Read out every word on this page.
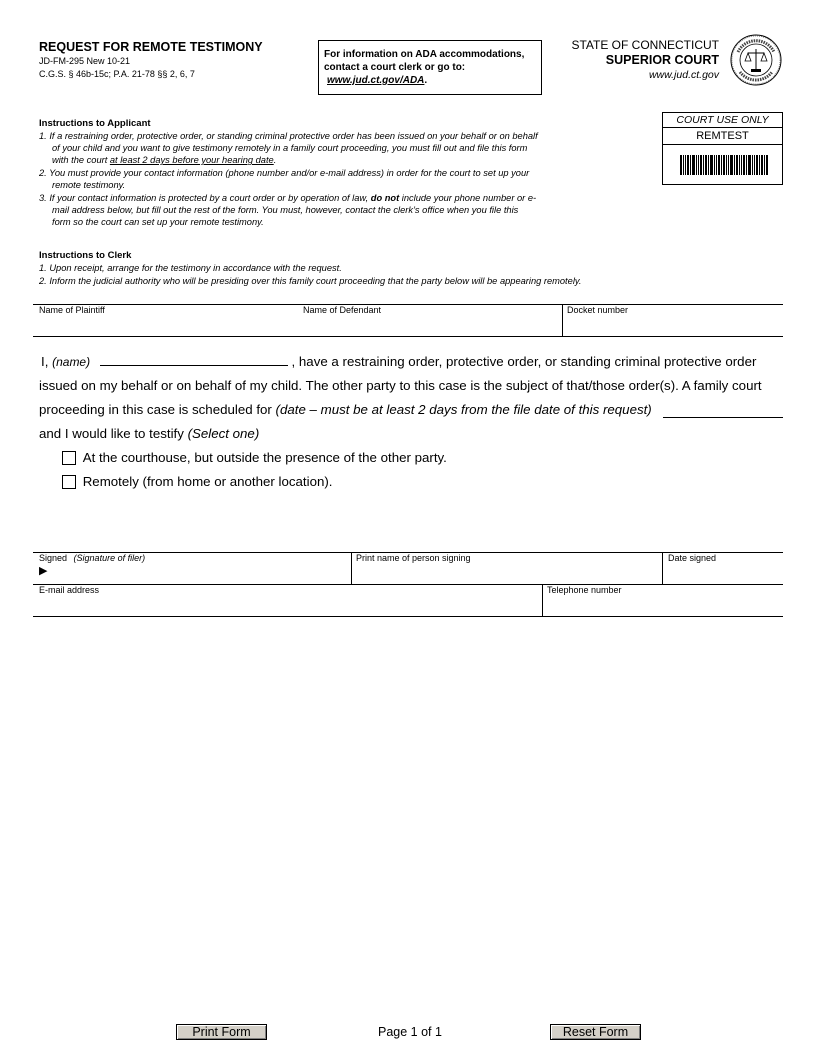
REQUEST FOR REMOTE TESTIMONY
JD-FM-295 New 10-21
C.G.S. § 46b-15c; P.A. 21-78 §§ 2, 6, 7
For information on ADA accommodations,
contact a court clerk or go to:
www.jud.ct.gov/ADA.
STATE OF CONNECTICUT
SUPERIOR COURT
www.jud.ct.gov
COURT USE ONLY
REMTEST
Instructions to Applicant
1. If a restraining order, protective order, or standing criminal protective order has been issued on your behalf or on behalf of your child and you want to give testimony remotely in a family court proceeding, you must fill out and file this form with the court at least 2 days before your hearing date.
2. You must provide your contact information (phone number and/or e-mail address) in order for the court to set up your remote testimony.
3. If your contact information is protected by a court order or by operation of law, do not include your phone number or e-mail address below, but fill out the rest of the form. You must, however, contact the clerk’s office when you file this form so the court can set up your remote testimony.
Instructions to Clerk
1. Upon receipt, arrange for the testimony in accordance with the request.
2. Inform the judicial authority who will be presiding over this family court proceeding that the party below will be appearing remotely.
Name of Plaintiff	Name of Defendant	Docket number
I, (name)	, have a restraining order, protective order, or standing criminal protective order
issued on my behalf or on behalf of my child. The other party to this case is the subject of that/those order(s). A family court
proceeding in this case is scheduled for (date – must be at least 2 days from the file date of this request)
and I would like to testify (Select one)
At the courthouse, but outside the presence of the other party.
Remotely (from home or another location).
Signed (Signature of filer)
▶
Print name of person signing	Date signed
E-mail address	Telephone number
Print Form	Page 1 of 1	Reset Form
